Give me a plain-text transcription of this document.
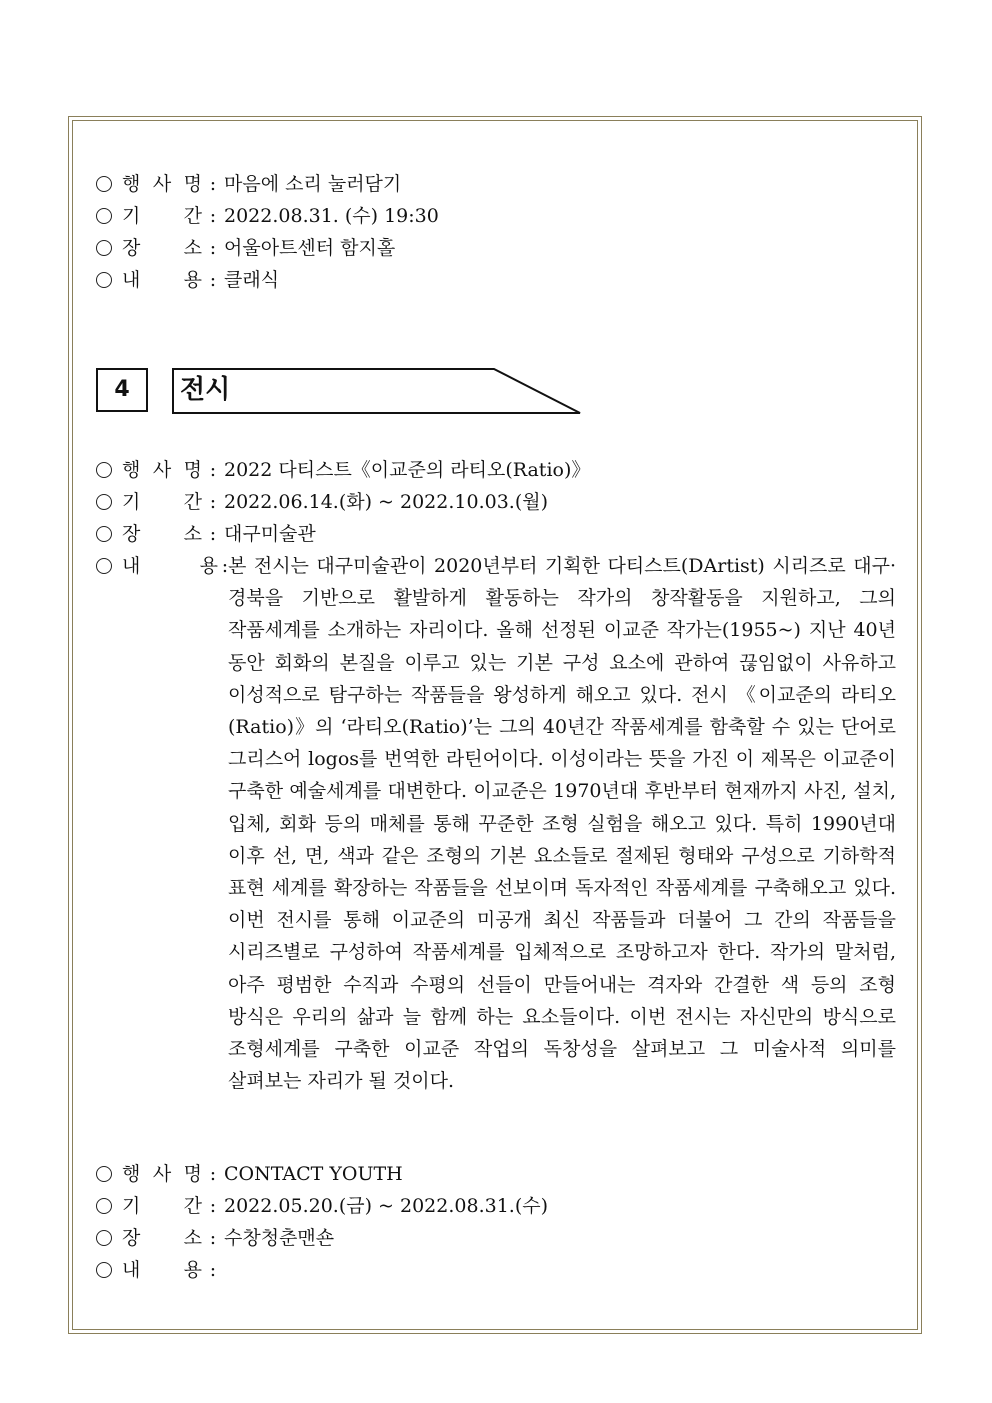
행 사 명 : 마음에 소리 눌러담기
기 간 : 2022.08.31. (수) 19:30
장 소 : 어울아트센터 함지홀
내 용 : 클래식
행 사 명 : 2022 다티스트《이교준의 라티오(Ratio)》
기 간 : 2022.06.14.(화) ~ 2022.10.03.(월)
장 소 : 대구미술관
내	용 : 본 전시는 대구미술관이 2020년부터 기획한 다티스트(DArtist) 시리즈로 대구·경북을 기반으로 활발하게 활동하는 작가의 창작활동을 지원하고, 그의 작품세계를 소개하는 자리이다. 올해 선정된 이교준 작가는(1955~) 지난 40년 동안 회화의 본질을 이루고 있는 기본 구성 요소에 관하여 끊임없이 사유하고 이성적으로 탐구하는 작품들을 왕성하게 해오고 있다. 전시 《이교준의 라티오(Ratio)》의 ‘라티오(Ratio)’는 그의 40년간 작품세계를 함축할 수 있는 단어로 그리스어 logos를 번역한 라틴어이다. 이성이라는 뜻을 가진 이 제목은 이교준이 구축한 예술세계를 대변한다. 이교준은 1970년대 후반부터 현재까지 사진, 설치, 입체, 회화 등의 매체를 통해 꾸준한 조형 실험을 해오고 있다. 특히 1990년대 이후 선, 면, 색과 같은 조형의 기본 요소들로 절제된 형태와 구성으로 기하학적 표현 세계를 확장하는 작품들을 선보이며 독자적인 작품세계를 구축해오고 있다. 이번 전시를 통해 이교준의 미공개 최신 작품들과 더불어 그 간의 작품들을 시리즈별로 구성하여 작품세계를 입체적으로 조망하고자 한다. 작가의 말처럼, 아주 평범한 수직과 수평의 선들이 만들어내는 격자와 간결한 색 등의 조형 방식은 우리의 삶과 늘 함께 하는 요소들이다. 이번 전시는 자신만의 방식으로 조형세계를 구축한 이교준 작업의 독창성을 살펴보고 그 미술사적 의미를 살펴보는 자리가 될 것이다.
행 사 명 : CONTACT YOUTH
기 간 : 2022.05.20.(금) ~ 2022.08.31.(수)
장 소 : 수창청춘맨숀
내 용 :
4	전시
